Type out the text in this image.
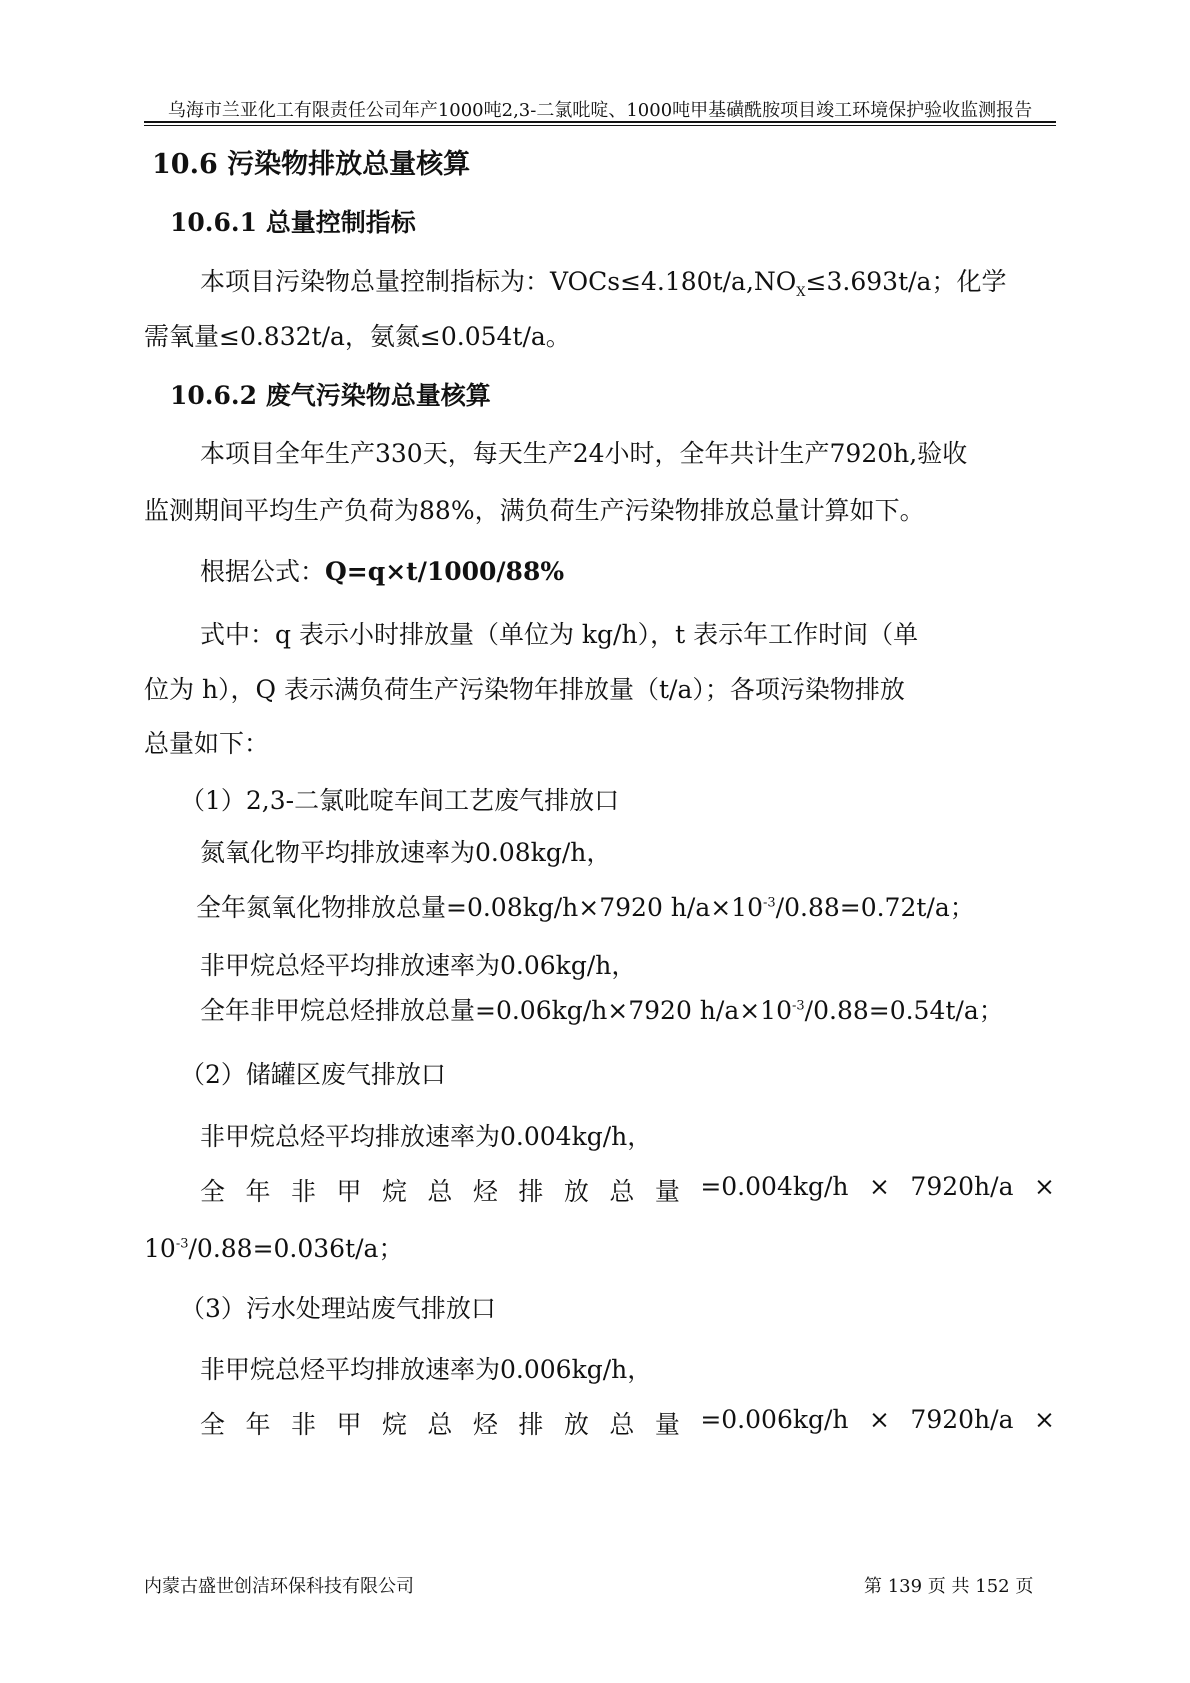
乌海市兰亚化工有限责任公司年产1000吨2,3-二氯吡啶、1000吨甲基磺酰胺项目竣工环境保护验收监测报告
10.6 污染物排放总量核算
10.6.1 总量控制指标
本项目污染物总量控制指标为：$VOCs\le 4.180t/a,NO_X\le 3.693t/a$；化学
需氧量≤0.832t/a，氨氮≤0.054t/a。
10.6.2 废气污染物总量核算
本项目全年生产330天，每天生产24小时，全年共计生产7920h,验收
监测期间平均生产负荷为88%，满负荷生产污染物排放总量计算如下。
根据公式：Q=q×t/1000/88%
式中：q 表示小时排放量（单位为 kg/h），t 表示年工作时间（单
位为 h），Q 表示满负荷生产污染物年排放量（t/a）；各项污染物排放
总量如下：
（1）2,3-二氯吡啶车间工艺废气排放口
氮氧化物平均排放速率为0.08kg/h，
全年氮氧化物排放总量=0.08kg/h×7920 $h/a\times 10^{-3}/0.88=0.72t/a$；
非甲烷总烃平均排放速率为0.06kg/h，
全年非甲烷总烃排放总量=0.06kg/h×7920 $h/a\times 10^{-3}/0.88=0.54t/a$；
（2）储罐区废气排放口
非甲烷总烃平均排放速率为0.004kg/h，
全 年 非 甲 烷 总 烃 排 放 总 量 =0.004kg/h × 7920h/a ×
$10^{-3}/0.88=0.036t/a$；
（3）污水处理站废气排放口
非甲烷总烃平均排放速率为0.006kg/h，
全 年 非 甲 烷 总 烃 排 放 总 量 =0.006kg/h × 7920h/a ×
内蒙古盛世创洁环保科技有限公司	第 139 页 共 152 页
